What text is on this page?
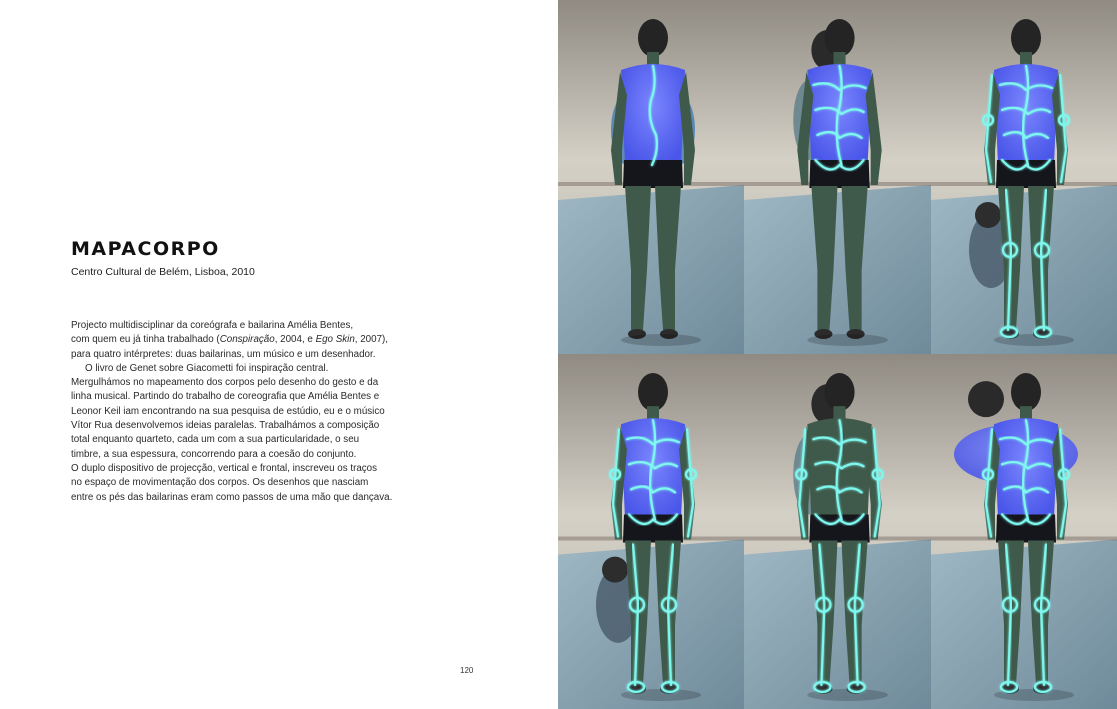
MAPACORPO

Centro Cultural de Belém, Lisboa, 2010

Projecto multidisciplinar da coreógrafa e bailarina Amélia Bentes,
com quem eu já tinha trabalhado (Conspiração, 2004, e Ego Skin, 2007),
para quatro intérpretes: duas bailarinas, um músico e um desenhador.
O livro de Genet sobre Giacometti foi inspiração central.
Mergulhámos no mapeamento dos corpos pelo desenho do gesto e da
linha musical. Partindo do trabalho de coreografia que Amélia Bentes e
Leonor Keil iam encontrando na sua pesquisa de estúdio, eu e o músico
Vítor Rua desenvolvemos ideias paralelas. Trabalhámos a composição
total enquanto quarteto, cada um com a sua particularidade, o seu
timbre, a sua espessura, concorrendo para a coesão do conjunto.
O duplo dispositivo de projecção, vertical e frontal, inscreveu os traços
no espaço de movimentação dos corpos. Os desenhos que nasciam
entre os pés das bailarinas eram como passos de uma mão que dançava.
120
